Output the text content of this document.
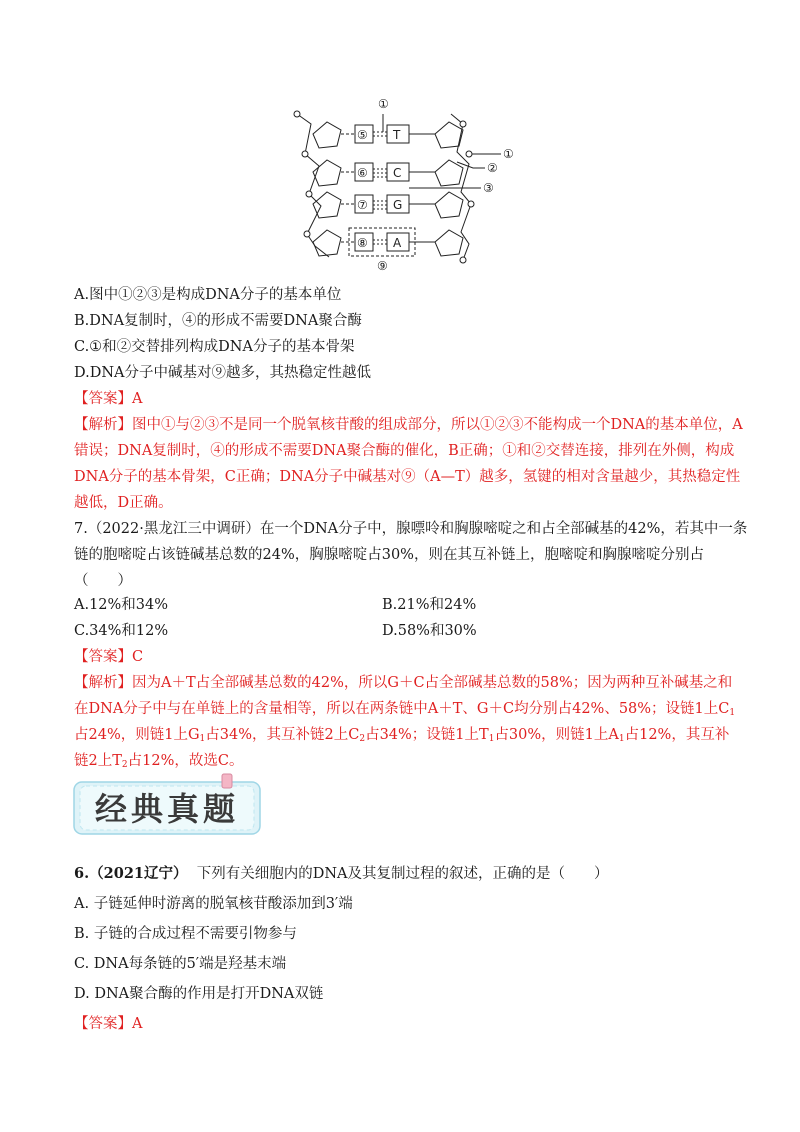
①
①
②
③
⑤
⑥
⑦
⑧
⑨
T
C
G
A
A.图中①②③是构成DNA分子的基本单位
B.DNA复制时，④的形成不需要DNA聚合酶
C.①和②交替排列构成DNA分子的基本骨架
D.DNA分子中碱基对⑨越多，其热稳定性越低
【答案】A
【解析】图中①与②③不是同一个脱氧核苷酸的组成部分，所以①②③不能构成一个DNA的基本单位，A
错误；DNA复制时，④的形成不需要DNA聚合酶的催化，B正确；①和②交替连接，排列在外侧，构成
DNA分子的基本骨架，C正确；DNA分子中碱基对⑨（A—T）越多，氢键的相对含量越少，其热稳定性
越低，D正确。
7.（2022·黑龙江三中调研）在一个DNA分子中，腺嘌呤和胸腺嘧啶之和占全部碱基的42%，若其中一条
链的胞嘧啶占该链碱基总数的24%，胸腺嘧啶占30%，则在其互补链上，胞嘧啶和胸腺嘧啶分别占
（　　）
A.12%和34%	B.21%和24%
C.34%和12%	D.58%和30%
【答案】C
【解析】因为A＋T占全部碱基总数的42%，所以G＋C占全部碱基总数的58%；因为两种互补碱基之和
在DNA分子中与在单链上的含量相等，所以在两条链中A＋T、G＋C均分别占42%、58%；设链1上$C_1$
占24%，则链1上$G_1$占34%，其互补链2上$C_2$占34%；设链1上$T_1$占30%，则链1上$A_1$占12%，其互补
链2上$T_2$占12%，故选C。
经典真题
6.（2021辽宁） 下列有关细胞内的DNA及其复制过程的叙述，正确的是（　　）
A. 子链延伸时游离的脱氧核苷酸添加到3′端
B. 子链的合成过程不需要引物参与
C. DNA每条链的5′端是羟基末端
D. DNA聚合酶的作用是打开DNA双链
【答案】A
